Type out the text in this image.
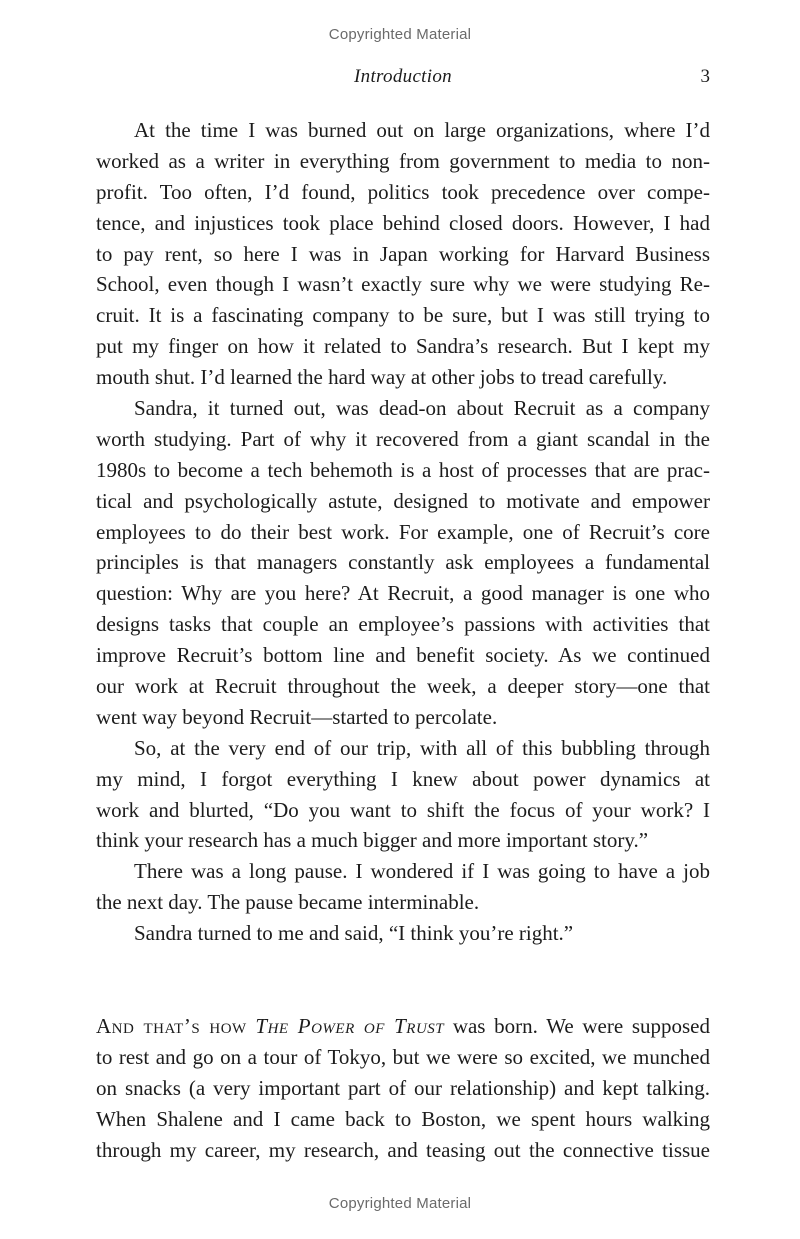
Copyrighted Material
Introduction	3
At the time I was burned out on large organizations, where I’d
worked as a writer in everything from government to media to non-
profit. Too often, I’d found, politics took precedence over compe-
tence, and injustices took place behind closed doors. However, I had
to pay rent, so here I was in Japan working for Harvard Business
School, even though I wasn’t exactly sure why we were studying Re-
cruit. It is a fascinating company to be sure, but I was still trying to
put my finger on how it related to Sandra’s research. But I kept my
mouth shut. I’d learned the hard way at other jobs to tread carefully.
Sandra, it turned out, was dead-on about Recruit as a company
worth studying. Part of why it recovered from a giant scandal in the
1980s to become a tech behemoth is a host of processes that are prac-
tical and psychologically astute, designed to motivate and empower
employees to do their best work. For example, one of Recruit’s core
principles is that managers constantly ask employees a fundamental
question: Why are you here? At Recruit, a good manager is one who
designs tasks that couple an employee’s passions with activities that
improve Recruit’s bottom line and benefit society. As we continued
our work at Recruit throughout the week, a deeper story—one that
went way beyond Recruit—started to percolate.
So, at the very end of our trip, with all of this bubbling through
my mind, I forgot everything I knew about power dynamics at
work and blurted, “Do you want to shift the focus of your work? I
think your research has a much bigger and more important story.”
There was a long pause. I wondered if I was going to have a job
the next day. The pause became interminable.
Sandra turned to me and said, “I think you’re right.”
And that’s how The Power of Trust was born. We were supposed
to rest and go on a tour of Tokyo, but we were so excited, we munched
on snacks (a very important part of our relationship) and kept talking.
When Shalene and I came back to Boston, we spent hours walking
through my career, my research, and teasing out the connective tissue
Copyrighted Material
